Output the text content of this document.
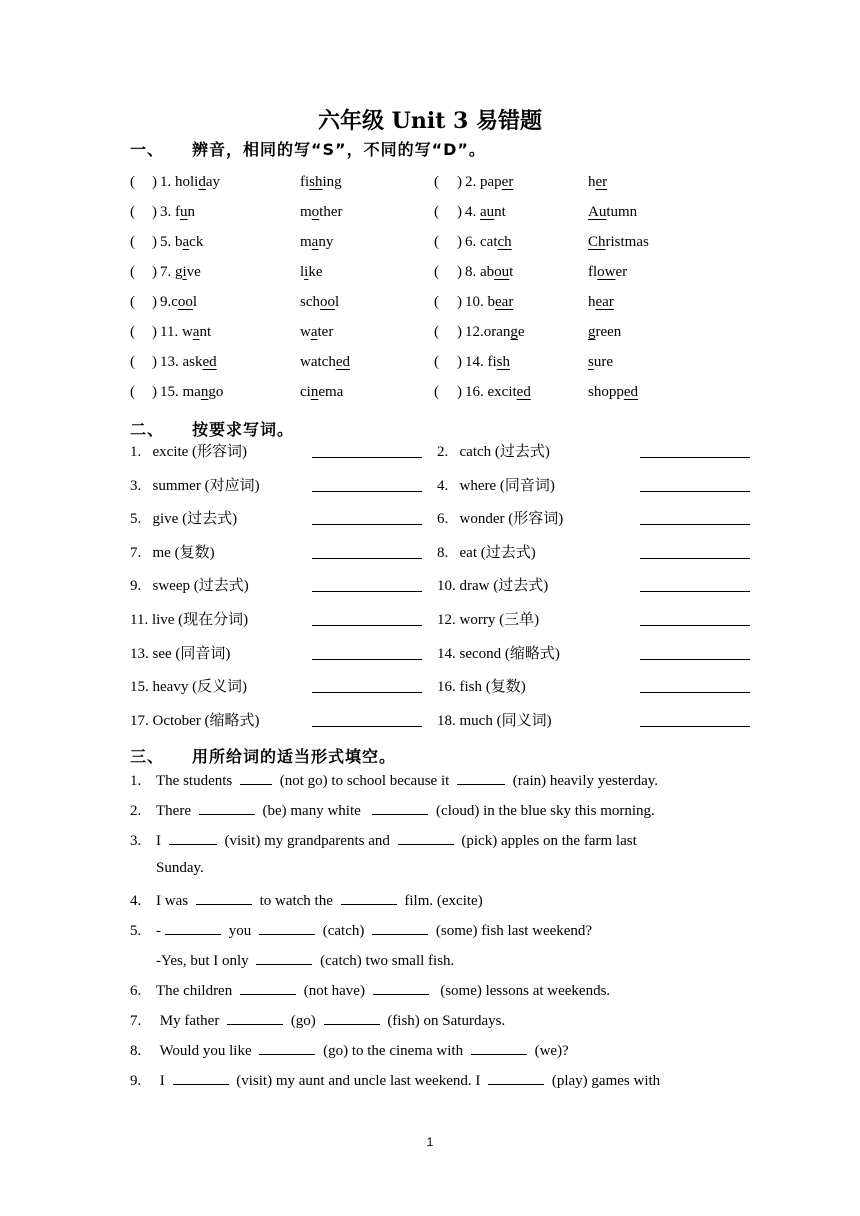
六年级 Unit 3 易错题
一、 辨音，相同的写“S”，不同的写“D”。
( ) 1. holiday	fishing	( ) 2. paper	her
( ) 3. fun	mother	( ) 4. aunt	Autumn
( ) 5. back	many	( ) 6. catch	Christmas
( ) 7. give	like	( ) 8. about	flower
( ) 9.cool	school	( ) 10. bear	hear
( ) 11. want	water	( ) 12.orange	green
( ) 13. asked	watched	( ) 14. fish	sure
( ) 15. mango	cinema	( ) 16. excited	shopped
二、 按要求写词。
1.   excite (形容词)	2.   catch (过去式)
3.   summer (对应词)	4.   where (同音词)
5.   give (过去式)	6.   wonder (形容词)
7.   me (复数)	8.   eat (过去式)
9.   sweep (过去式)	10. draw (过去式)
11. live (现在分词)	12. worry (三单)
13. see (同音词)	14. second (缩略式)
15. heavy (反义词)	16. fish (复数)
17. October (缩略式)	18. much (同义词)
三、 用所给词的适当形式填空。
1. The students	(not go) to school because it	(rain) heavily yesterday.
2. There	(be) many white	(cloud) in the blue sky this morning.
3. I	(visit) my grandparents and	(pick) apples on the farm last
Sunday.
4. I was	to watch the	film. (excite)
5. -	you	(catch)	(some) fish last weekend?
-Yes, but I only	(catch) two small fish.
6. The children	(not have)	(some) lessons at weekends.
7. My father	(go)	(fish) on Saturdays.
8. Would you like	(go) to the cinema with	(we)?
9. I	(visit) my aunt and uncle last weekend. I	(play) games with
1
